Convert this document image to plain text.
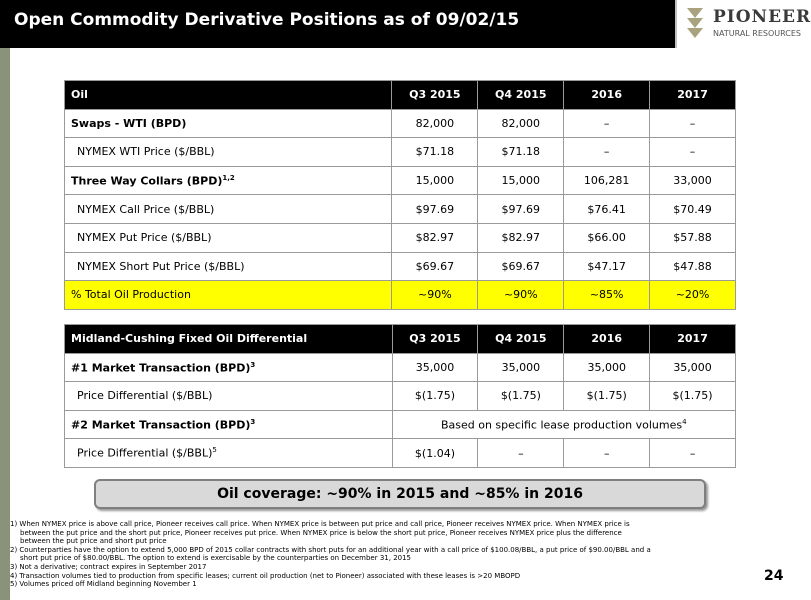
Open Commodity Derivative Positions as of 09/02/15	PIONEER
NATURAL RESOURCES
Oil	Q3 2015	Q4 2015	2016	2017
Swaps - WTI (BPD)	82,000	82,000	–	–
NYMEX WTI Price ($/BBL)	$71.18	$71.18	–	–
Three Way Collars (BPD)$^{1,2}$	15,000	15,000	106,281	33,000
NYMEX Call Price ($/BBL)	$97.69	$97.69	$76.41	$70.49
NYMEX Put Price ($/BBL)	$82.97	$82.97	$66.00	$57.88
NYMEX Short Put Price ($/BBL)	$69.67	$69.67	$47.17	$47.88
% Total Oil Production	~90%	~90%	~85%	~20%
Midland-Cushing Fixed Oil Differential	Q3 2015	Q4 2015	2016	2017
#1 Market Transaction (BPD)$^3$	35,000	35,000	35,000	35,000
Price Differential ($/BBL)	$(1.75)	$(1.75)	$(1.75)	$(1.75)
#2 Market Transaction (BPD)$^3$	Based on specific lease production volumes$^4$
Price Differential ($/BBL)$^5$	$(1.04)	–	–	–
Oil coverage: ~90% in 2015 and ~85% in 2016
1) When NYMEX price is above call price, Pioneer receives call price. When NYMEX price is between put price and call price, Pioneer receives NYMEX price. When NYMEX price is
between the put price and the short put price, Pioneer receives put price. When NYMEX price is below the short put price, Pioneer receives NYMEX price plus the difference
between the put price and short put price
2) Counterparties have the option to extend 5,000 BPD of 2015 collar contracts with short puts for an additional year with a call price of $100.08/BBL, a put price of $90.00/BBL and a
short put price of $80.00/BBL. The option to extend is exercisable by the counterparties on December 31, 2015
3) Not a derivative; contract expires in September 2017
4) Transaction volumes tied to production from specific leases; current oil production (net to Pioneer) associated with these leases is >20 MBOPD
5) Volumes priced off Midland beginning November 1
24
